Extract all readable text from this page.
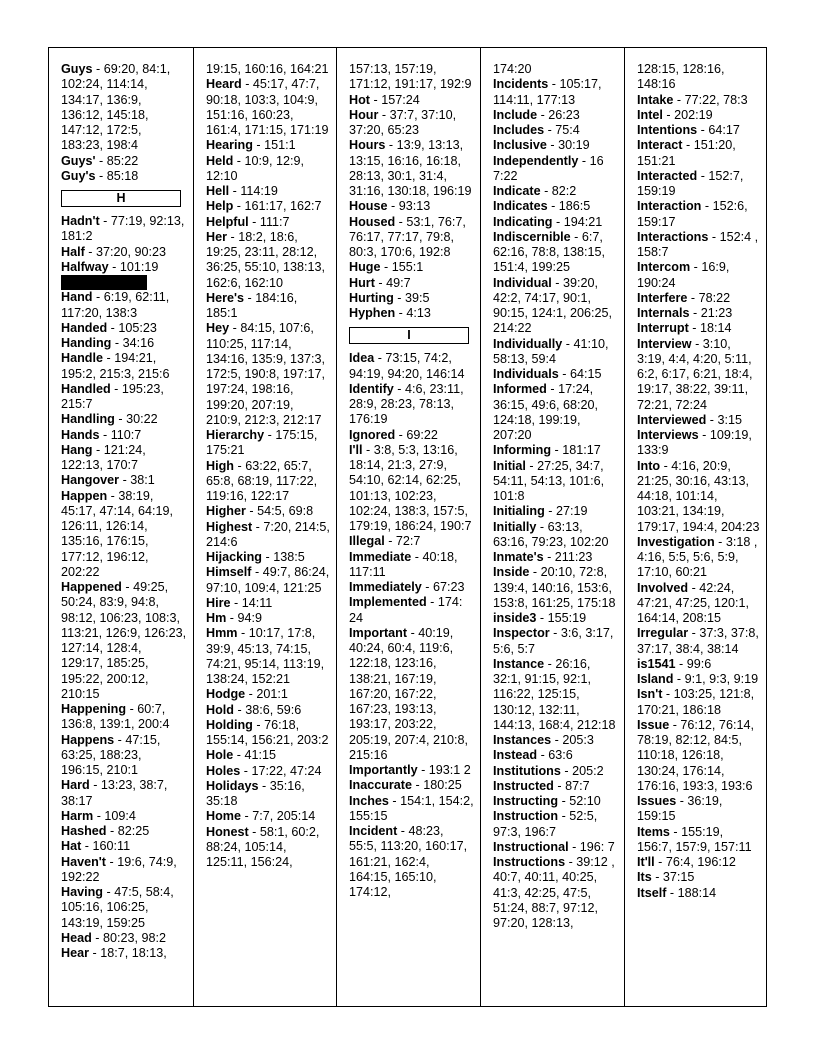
Guys - 69:20, 84:1, 102:24, 114:14, 134:17, 136:9, 136:12, 145:18, 147:12, 172:5, 183:23, 198:4
Guys' - 85:22
Guy's - 85:18
H
Hadn't - 77:19, 92:13, 181:2
Half - 37:20, 90:23
Halfway - 101:19
Hand - 6:19, 62:11, 117:20, 138:3
Handed - 105:23
Handing - 34:16
Handle - 194:21, 195:2, 215:3, 215:6
Handled - 195:23, 215:7
Handling - 30:22
Hands - 110:7
Hang - 121:24, 122:13, 170:7
Hangover - 38:1
Happen - 38:19, 45:17, 47:14, 64:19, 126:11, 126:14, 135:16, 176:15, 177:12, 196:12, 202:22
Happened - 49:25, 50:24, 83:9, 94:8, 98:12, 106:23, 108:3, 113:21, 126:9, 126:23, 127:14, 128:4, 129:17, 185:25, 195:22, 200:12, 210:15
Happening - 60:7, 136:8, 139:1, 200:4
Happens - 47:15, 63:25, 188:23, 196:15, 210:1
Hard - 13:23, 38:7, 38:17
Harm - 109:4
Hashed - 82:25
Hat - 160:11
Haven't - 19:6, 74:9, 192:22
Having - 47:5, 58:4, 105:16, 106:25, 143:19, 159:25
Head - 80:23, 98:2
Hear - 18:7, 18:13,
19:15, 160:16, 164:21
Heard - 45:17, 47:7, 90:18, 103:3, 104:9, 151:16, 160:23, 161:4, 171:15, 171:19
Hearing - 151:1
Held - 10:9, 12:9, 12:10
Hell - 114:19
Help - 161:17, 162:7
Helpful - 111:7
Her - 18:2, 18:6, 19:25, 23:11, 28:12, 36:25, 55:10, 138:13, 162:6, 162:10
Here's - 184:16, 185:1
Hey - 84:15, 107:6, 110:25, 117:14, 134:16, 135:9, 137:3, 172:5, 190:8, 197:17, 197:24, 198:16, 199:20, 207:19, 210:9, 212:3, 212:17
Hierarchy - 175:15, 175:21
High - 63:22, 65:7, 65:8, 68:19, 117:22, 119:16, 122:17
Higher - 54:5, 69:8
Highest - 7:20, 214:5, 214:6
Hijacking - 138:5
Himself - 49:7, 86:24, 97:10, 109:4, 121:25
Hire - 14:11
Hm - 94:9
Hmm - 10:17, 17:8, 39:9, 45:13, 74:15, 74:21, 95:14, 113:19, 138:24, 152:21
Hodge - 201:1
Hold - 38:6, 59:6
Holding - 76:18, 155:14, 156:21, 203:2
Hole - 41:15
Holes - 17:22, 47:24
Holidays - 35:16, 35:18
Home - 7:7, 205:14
Honest - 58:1, 60:2, 88:24, 105:14, 125:11, 156:24,
157:13, 157:19, 171:12, 191:17, 192:9
Hot - 157:24
Hour - 37:7, 37:10, 37:20, 65:23
Hours - 13:9, 13:13, 13:15, 16:16, 16:18, 28:13, 30:1, 31:4, 31:16, 130:18, 196:19
House - 93:13
Housed - 53:1, 76:7, 76:17, 77:17, 79:8, 80:3, 170:6, 192:8
Huge - 155:1
Hurt - 49:7
Hurting - 39:5
Hyphen - 4:13
I
Idea - 73:15, 74:2, 94:19, 94:20, 146:14
Identify - 4:6, 23:11, 28:9, 28:23, 78:13, 176:19
Ignored - 69:22
I'll - 3:8, 5:3, 13:16, 18:14, 21:3, 27:9, 54:10, 62:14, 62:25, 101:13, 102:23, 102:24, 138:3, 157:5, 179:19, 186:24, 190:7
Illegal - 72:7
Immediate - 40:18, 117:11
Immediately - 67:23
Implemented - 174: 24
Important - 40:19, 40:24, 60:4, 119:6, 122:18, 123:16, 138:21, 167:19, 167:20, 167:22, 167:23, 193:13, 193:17, 203:22, 205:19, 207:4, 210:8, 215:16
Importantly - 193:1 2
Inaccurate - 180:25
Inches - 154:1, 154:2, 155:15
Incident - 48:23, 55:5, 113:20, 160:17, 161:21, 162:4, 164:15, 165:10, 174:12,
174:20
Incidents - 105:17, 114:11, 177:13
Include - 26:23
Includes - 75:4
Inclusive - 30:19
Independently - 16 7:22
Indicate - 82:2
Indicates - 186:5
Indicating - 194:21
Indiscernible - 6:7, 62:16, 78:8, 138:15, 151:4, 199:25
Individual - 39:20, 42:2, 74:17, 90:1, 90:15, 124:1, 206:25, 214:22
Individually - 41:10, 58:13, 59:4
Individuals - 64:15
Informed - 17:24, 36:15, 49:6, 68:20, 124:18, 199:19, 207:20
Informing - 181:17
Initial - 27:25, 34:7, 54:11, 54:13, 101:6, 101:8
Initialing - 27:19
Initially - 63:13, 63:16, 79:23, 102:20
Inmate's - 211:23
Inside - 20:10, 72:8, 139:4, 140:16, 153:6, 153:8, 161:25, 175:18
inside3 - 155:19
Inspector - 3:6, 3:17, 5:6, 5:7
Instance - 26:16, 32:1, 91:15, 92:1, 116:22, 125:15, 130:12, 132:11, 144:13, 168:4, 212:18
Instances - 205:3
Instead - 63:6
Institutions - 205:2
Instructed - 87:7
Instructing - 52:10
Instruction - 52:5, 97:3, 196:7
Instructional - 196: 7
Instructions - 39:12 , 40:7, 40:11, 40:25, 41:3, 42:25, 47:5, 51:24, 88:7, 97:12, 97:20, 128:13,
128:15, 128:16, 148:16
Intake - 77:22, 78:3
Intel - 202:19
Intentions - 64:17
Interact - 151:20, 151:21
Interacted - 152:7, 159:19
Interaction - 152:6, 159:17
Interactions - 152:4 , 158:7
Intercom - 16:9, 190:24
Interfere - 78:22
Internals - 21:23
Interrupt - 18:14
Interview - 3:10, 3:19, 4:4, 4:20, 5:11, 6:2, 6:17, 6:21, 18:4, 19:17, 38:22, 39:11, 72:21, 72:24
Interviewed - 3:15
Interviews - 109:19, 133:9
Into - 4:16, 20:9, 21:25, 30:16, 43:13, 44:18, 101:14, 103:21, 134:19, 179:17, 194:4, 204:23
Investigation - 3:18 , 4:16, 5:5, 5:6, 5:9, 17:10, 60:21
Involved - 42:24, 47:21, 47:25, 120:1, 164:14, 208:15
Irregular - 37:3, 37:8, 37:17, 38:4, 38:14
is1541 - 99:6
Island - 9:1, 9:3, 9:19
Isn't - 103:25, 121:8, 170:21, 186:18
Issue - 76:12, 76:14, 78:19, 82:12, 84:5, 110:18, 126:18, 130:24, 176:14, 176:16, 193:3, 193:6
Issues - 36:19, 159:15
Items - 155:19, 156:7, 157:9, 157:11
It'll - 76:4, 196:12
Its - 37:15
Itself - 188:14
